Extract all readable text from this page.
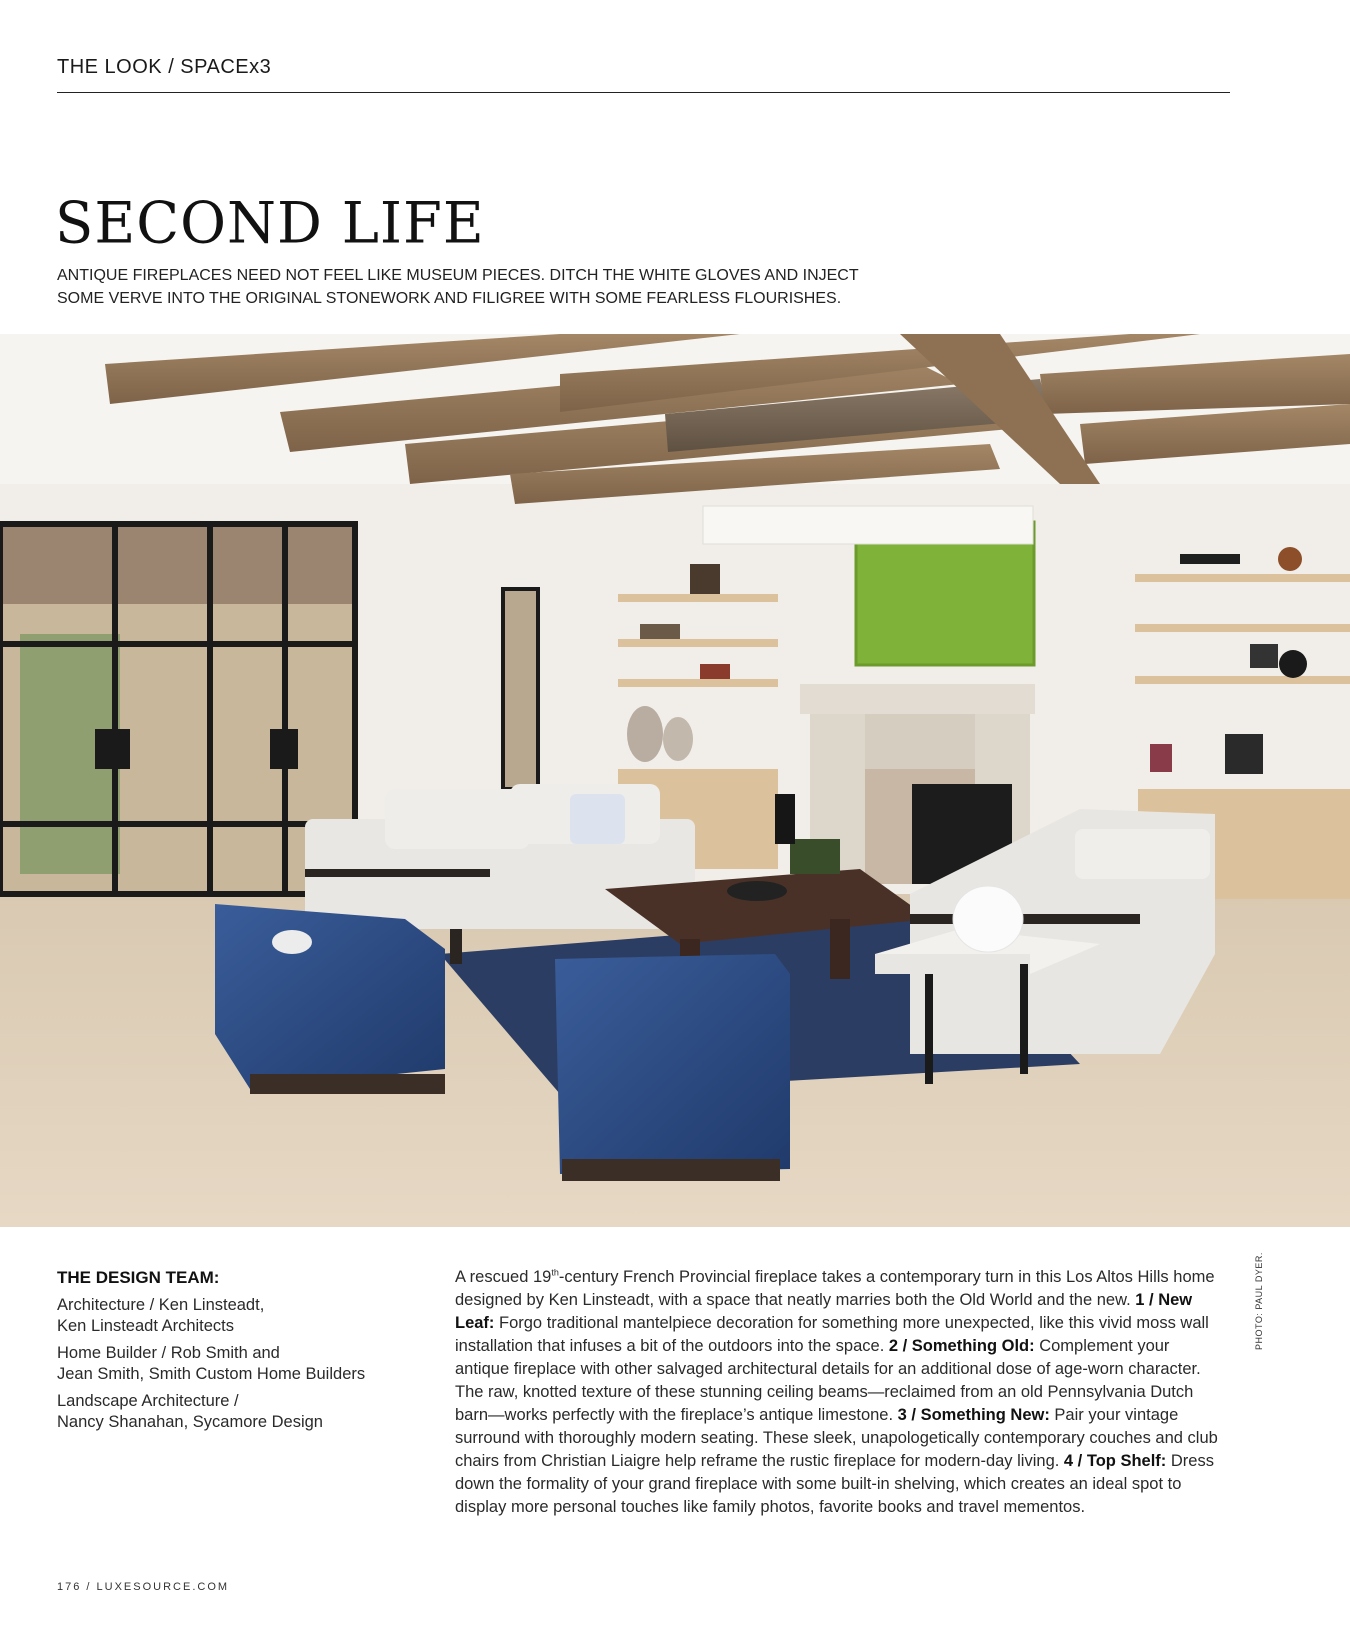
THE LOOK / SPACEx3
SECOND LIFE

ANTIQUE FIREPLACES NEED NOT FEEL LIKE MUSEUM PIECES. DITCH THE WHITE GLOVES AND INJECT
SOME VERVE INTO THE ORIGINAL STONEWORK AND FILIGREE WITH SOME FEARLESS FLOURISHES.

PHOTO: PAUL DYER.
THE DESIGN TEAM:
Architecture / Ken Linsteadt,
Ken Linsteadt Architects
Home Builder / Rob Smith and
Jean Smith, Smith Custom Home Builders
Landscape Architecture /
Nancy Shanahan, Sycamore Design

A rescued 19th-century French Provincial fireplace takes a contemporary turn in this Los Altos Hills home designed by Ken Linsteadt, with a space that neatly marries both the Old World and the new. 1 / New Leaf: Forgo traditional mantelpiece decoration for something more unexpected, like this vivid moss wall installation that infuses a bit of the outdoors into the space. 2 / Something Old: Complement your antique fireplace with other salvaged architectural details for an additional dose of age-worn character. The raw, knotted texture of these stunning ceiling beams—reclaimed from an old Pennsylvania Dutch barn—works perfectly with the fireplace’s antique limestone. 3 / Something New: Pair your vintage surround with thoroughly modern seating. These sleek, unapologetically contemporary couches and club chairs from Christian Liaigre help reframe the rustic fireplace for modern-day living. 4 / Top Shelf: Dress down the formality of your grand fireplace with some built-in shelving, which creates an ideal spot to display more personal touches like family photos, favorite books and travel mementos.

176 / LUXESOURCE.COM
